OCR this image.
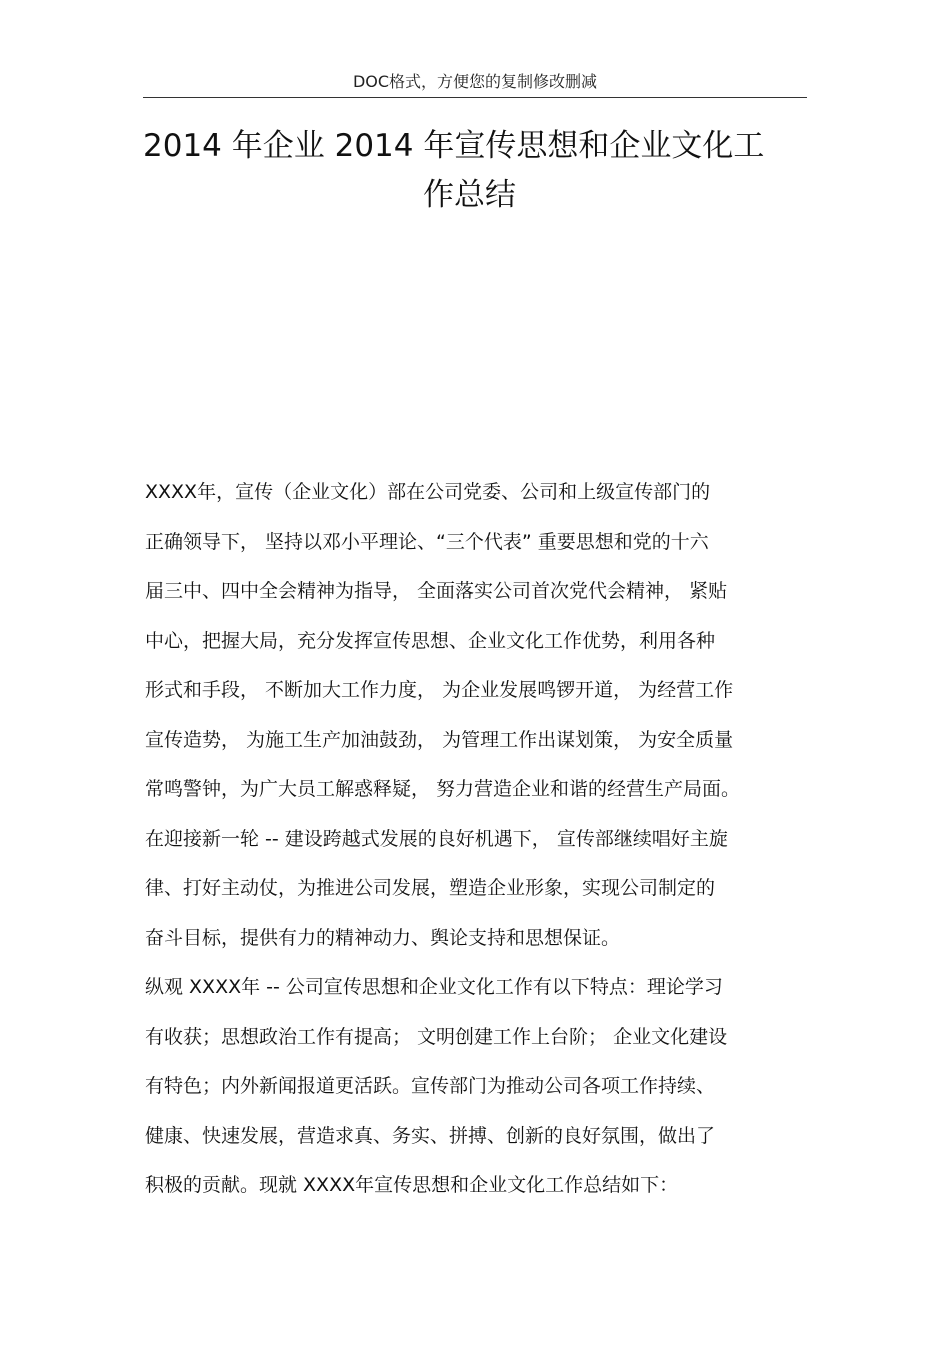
DOC格式，方便您的复制修改删减
2014 年企业 2014 年宣传思想和企业文化工
作总结
XXXX年，宣传（企业文化）部在公司党委、公司和上级宣传部门的
正确领导下， 坚持以邓小平理论、“三个代表” 重要思想和党的十六
届三中、四中全会精神为指导， 全面落实公司首次党代会精神， 紧贴
中心，把握大局，充分发挥宣传思想、企业文化工作优势，利用各种
形式和手段， 不断加大工作力度， 为企业发展鸣锣开道， 为经营工作
宣传造势， 为施工生产加油鼓劲， 为管理工作出谋划策， 为安全质量
常鸣警钟，为广大员工解惑释疑， 努力营造企业和谐的经营生产局面。
在迎接新一轮 -- 建设跨越式发展的良好机遇下， 宣传部继续唱好主旋
律、打好主动仗，为推进公司发展，塑造企业形象，实现公司制定的
奋斗目标，提供有力的精神动力、舆论支持和思想保证。
纵观 XXXX年 -- 公司宣传思想和企业文化工作有以下特点：理论学习
有收获；思想政治工作有提高； 文明创建工作上台阶； 企业文化建设
有特色；内外新闻报道更活跃。宣传部门为推动公司各项工作持续、
健康、快速发展，营造求真、务实、拼搏、创新的良好氛围，做出了
积极的贡献。现就 XXXX年宣传思想和企业文化工作总结如下：
